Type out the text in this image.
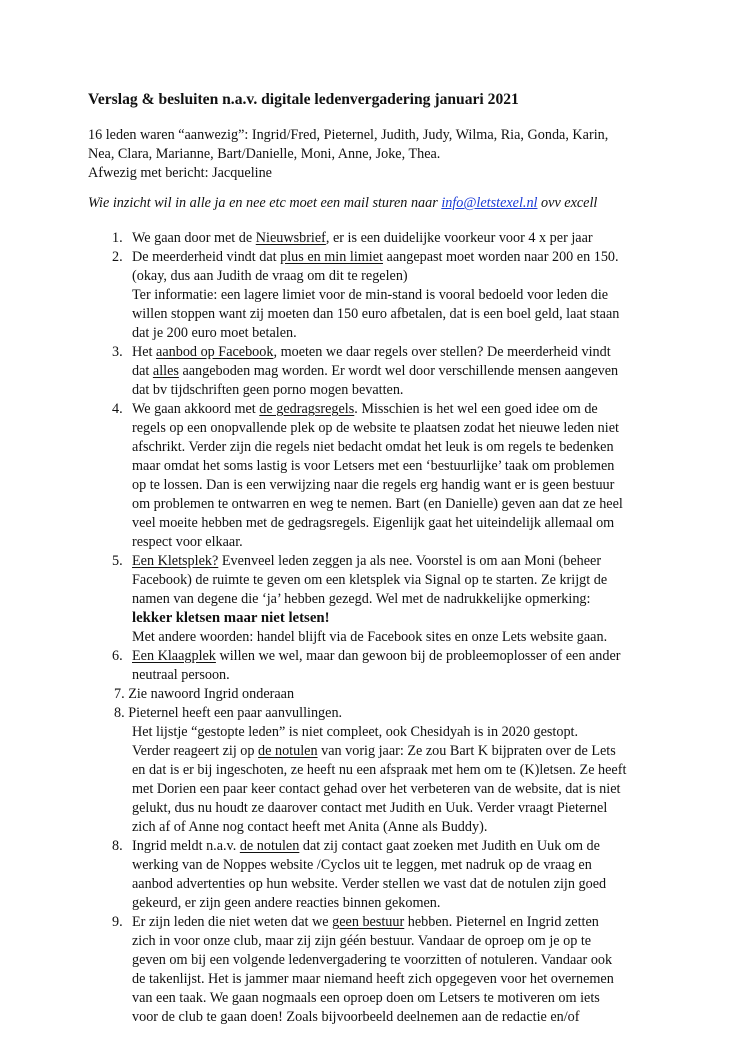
Verslag & besluiten n.a.v. digitale ledenvergadering januari 2021
16 leden waren “aanwezig”: Ingrid/Fred, Pieternel, Judith, Judy, Wilma, Ria, Gonda, Karin,
Nea, Clara, Marianne, Bart/Danielle, Moni, Anne, Joke, Thea.
Afwezig met bericht: Jacqueline
Wie inzicht wil in alle ja en nee etc moet een mail sturen naar info@letstexel.nl ovv excell
1. We gaan door met de Nieuwsbrief, er is een duidelijke voorkeur voor 4 x per jaar
2. De meerderheid vindt dat plus en min limiet aangepast moet worden naar 200 en 150.
(okay, dus aan Judith de vraag om dit te regelen)
Ter informatie: een lagere limiet voor de min-stand is vooral bedoeld voor leden die
willen stoppen want zij moeten dan 150 euro afbetalen, dat is een boel geld, laat staan
dat je 200 euro moet betalen.
3. Het aanbod op Facebook, moeten we daar regels over stellen? De meerderheid vindt
dat alles aangeboden mag worden. Er wordt wel door verschillende mensen aangeven
dat bv tijdschriften geen porno mogen bevatten.
4. We gaan akkoord met de gedragsregels. Misschien is het wel een goed idee om de
regels op een onopvallende plek op de website te plaatsen zodat het nieuwe leden niet
afschrikt. Verder zijn die regels niet bedacht omdat het leuk is om regels te bedenken
maar omdat het soms lastig is voor Letsers met een ‘bestuurlijke’ taak om problemen
op te lossen. Dan is een verwijzing naar die regels erg handig want er is geen bestuur
om problemen te ontwarren en weg te nemen. Bart (en Danielle) geven aan dat ze heel
veel moeite hebben met de gedragsregels. Eigenlijk gaat het uiteindelijk allemaal om
respect voor elkaar.
5. Een Kletsplek? Evenveel leden zeggen ja als nee. Voorstel is om aan Moni (beheer
Facebook) de ruimte te geven om een kletsplek via Signal op te starten. Ze krijgt de
namen van degene die ‘ja’ hebben gezegd. Wel met de nadrukkelijke opmerking:
lekker kletsen maar niet letsen!
Met andere woorden: handel blijft via de Facebook sites en onze Lets website gaan.
6. Een Klaagplek willen we wel, maar dan gewoon bij de probleemoplosser of een ander
neutraal persoon.
7. Zie nawoord Ingrid onderaan
8. Pieternel heeft een paar aanvullingen.
Het lijstje “gestopte leden” is niet compleet, ook Chesidyah is in 2020 gestopt.
Verder reageert zij op de notulen van vorig jaar: Ze zou Bart K bijpraten over de Lets
en dat is er bij ingeschoten, ze heeft nu een afspraak met hem om te (K)letsen. Ze heeft
met Dorien een paar keer contact gehad over het verbeteren van de website, dat is niet
gelukt, dus nu houdt ze daarover contact met Judith en Uuk. Verder vraagt Pieternel
zich af of Anne nog contact heeft met Anita (Anne als Buddy).
8. Ingrid meldt n.a.v. de notulen dat zij contact gaat zoeken met Judith en Uuk om de
werking van de Noppes website /Cyclos uit te leggen, met nadruk op de vraag en
aanbod advertenties op hun website. Verder stellen we vast dat de notulen zijn goed
gekeurd, er zijn geen andere reacties binnen gekomen.
9. Er zijn leden die niet weten dat we geen bestuur hebben. Pieternel en Ingrid zetten
zich in voor onze club, maar zij zijn géén bestuur. Vandaar de oproep om je op te
geven om bij een volgende ledenvergadering te voorzitten of notuleren. Vandaar ook
de takenlijst. Het is jammer maar niemand heeft zich opgegeven voor het overnemen
van een taak. We gaan nogmaals een oproep doen om Letsers te motiveren om iets
voor de club te gaan doen! Zoals bijvoorbeeld deelnemen aan de redactie en/of
